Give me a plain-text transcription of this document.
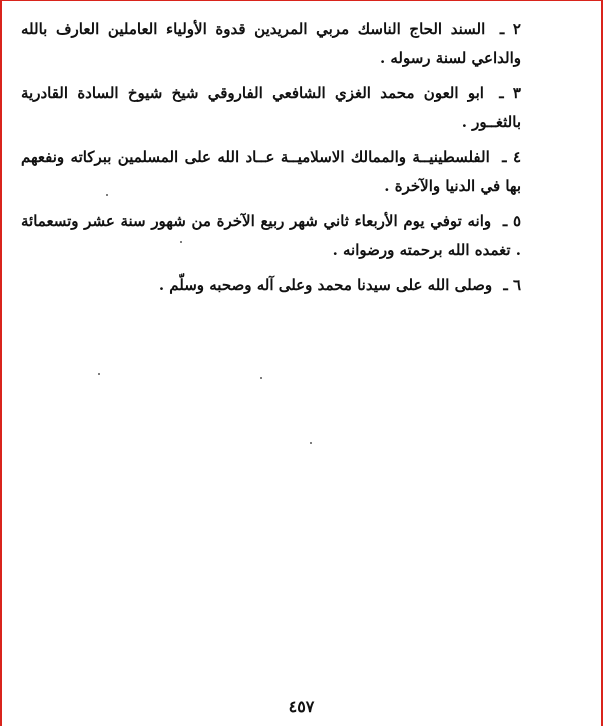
٢ ـ السند الحاج الناسك مربي المريدين قدوة الأولياء العاملين العارف بالله والداعي لسنة رسوله .

٣ ـ ابو العون محمد الغزي الشافعي الفاروقي شيخ شيوخ السادة القادرية بالثغــور .

٤ ـ الفلسطينيــة والممالك الاسلاميــة عــاد الله على المسلمين ببركاته ونفعهم بها في الدنيا والآخرة .

٥ ـ وانه توفي يوم الأربعاء ثاني شهر ربيع الآخرة من شهور سنة عشر وتسعمائة . تغمده الله برحمته ورضوانه .

٦ ـ وصلى الله على سيدنا محمد وعلى آله وصحبه وسلّم .

٤٥٧
